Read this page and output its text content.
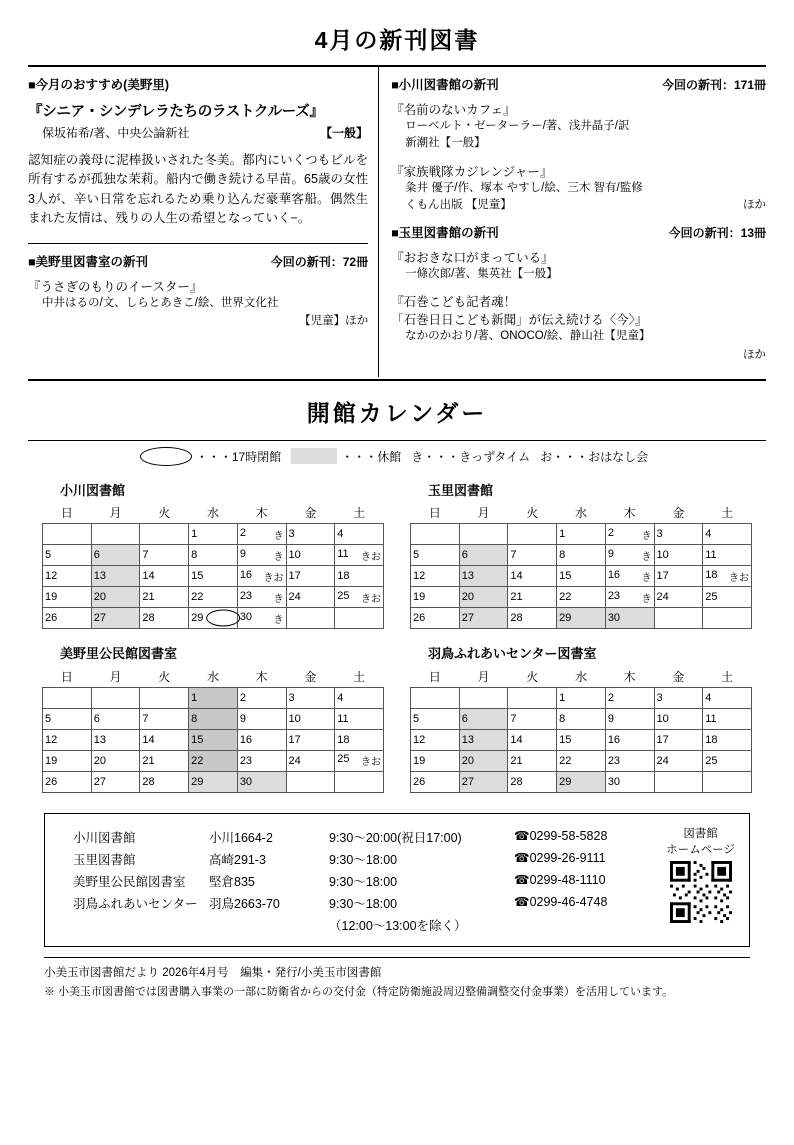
4月の新刊図書
■今月のおすすめ(美野里)
『シニア・シンデレラたちのラストクルーズ』
保坂祐希/著、中央公論新社	【一般】
認知症の義母に泥棒扱いされた冬美。都内にいくつもビルを所有するが孤独な茉莉。船内で働き続ける早苗。65歳の女性3人が、辛い日常を忘れるため乗り込んだ豪華客船。偶然生まれた友情は、残りの人生の希望となっていく−。
■美野里図書室の新刊	今回の新刊：72冊
『うさぎのもりのイースター』
中井はるの/文、しらとあきこ/絵、世界文化社
【児童】ほか
■小川図書館の新刊	今回の新刊：171冊
『名前のないカフェ』
ローベルト・ゼーターラー/著、浅井晶子/訳
新潮社【一般】
『家族戦隊カジレンジャー』
粂井 優子/作、塚本 やすし/絵、三木 智有/監修
くもん出版 【児童】	ほか
■玉里図書館の新刊	今回の新刊：13冊
『おおきな口がまっている』
一條次郎/著、集英社【一般】
『石巻こども記者魂！
「石巻日日こども新聞」が伝え続ける〈今〉』
なかのかおり/著、ONOCO/絵、静山社【児童】
ほか
開館カレンダー
・・・17時閉館	・・・休館 き・・・きっずタイム お・・・おはなし会
小川図書館
日	月	火	水	木	金	土

			1	2 き	3	4

5	6	7	8	9 き	10	11 きお

12	13	14	15	16 きお	17	18

19	20	21	22	23 き	24	25 きお

26	27	28	29	30 き		

玉里図書館
日	月	火	水	木	金	土

			1	2 き	3	4

5	6	7	8	9 き	10	11

12	13	14	15	16 き	17	18 きお

19	20	21	22	23 き	24	25

26	27	28	29	30		

美野里公民館図書室
日	月	火	水	木	金	土

			1	2	3	4

5	6	7	8	9	10	11

12	13	14	15	16	17	18

19	20	21	22	23	24	25 きお

26	27	28	29	30		

羽鳥ふれあいセンター図書室
日	月	火	水	木	金	土

			1	2	3	4

5	6	7	8	9	10	11

12	13	14	15	16	17	18

19	20	21	22	23	24	25

26	27	28	29	30		

小川図書館	小川1664-2	9:30〜20:00(祝日17:00)	☎0299-58-5828
玉里図書館	高崎291-3	9:30〜18:00	☎0299-26-9111
美野里公民館図書室	堅倉835	9:30〜18:00	☎0299-48-1110
羽鳥ふれあいセンター	羽鳥2663-70	9:30〜18:00	☎0299-46-4748
		（12:00〜13:00を除く）	
図書館
ホームページ
小美玉市図書館だより 2026年4月号　編集・発行/小美玉市図書館
※ 小美玉市図書館では図書購入事業の一部に防衛省からの交付金（特定防衛施設周辺整備調整交付金事業）を活用しています。
